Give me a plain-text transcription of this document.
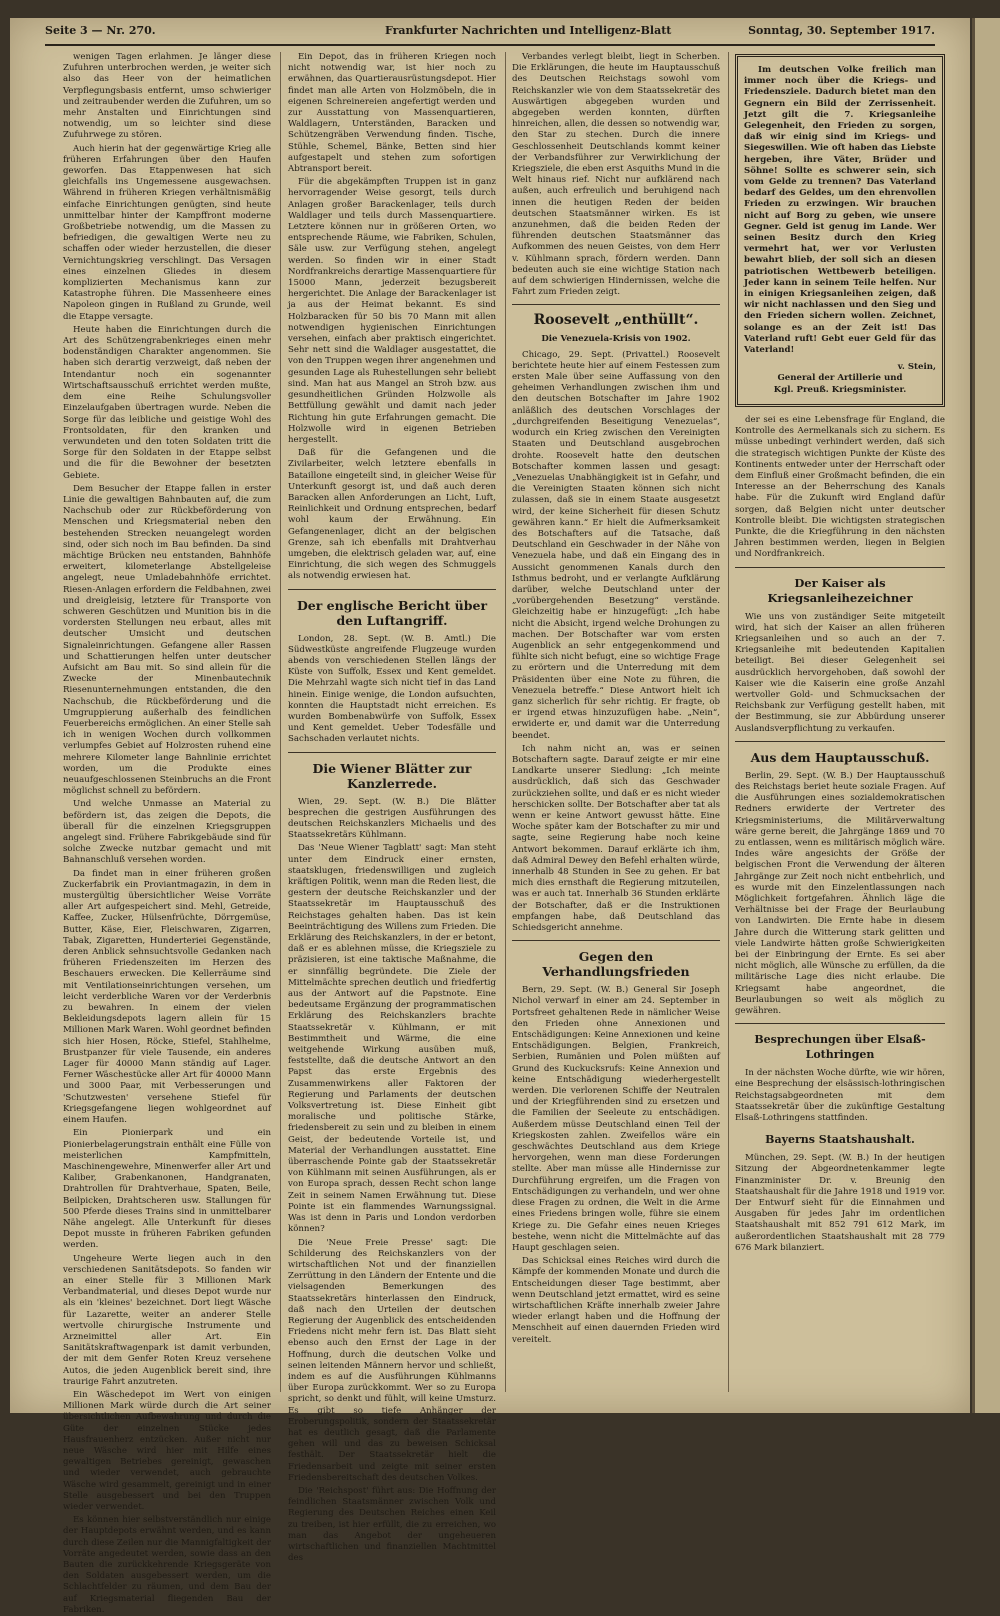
Seite 3 — Nr. 270.	Frankfurter Nachrichten und Intelligenz-Blatt	Sonntag, 30. September 1917.

wenigen Tagen erlahmen. Je länger diese Zufuhren unterbrochen werden, je weiter sich also das Heer von der heimatlichen Verpflegungsbasis entfernt, umso schwieriger und zeitraubender werden die Zufuhren, um so mehr Anstalten und Einrichtungen sind notwendig, um so leichter sind diese Zufuhrwege zu stören.

Auch hierin hat der gegenwärtige Krieg alle früheren Erfahrungen über den Haufen geworfen. Das Etappenwesen hat sich gleichfalls ins Ungemessene ausgewachsen. Während in früheren Kriegen verhältnismäßig einfache Einrichtungen genügten, sind heute unmittelbar hinter der Kampffront moderne Großbetriebe notwendig, um die Massen zu befriedigen, die gewaltigen Werte neu zu schaffen oder wieder herzustellen, die dieser Vernichtungskrieg verschlingt. Das Versagen eines einzelnen Gliedes in diesem komplizierten Mechanismus kann zur Katastrophe führen. Die Massenheere eines Napoleon gingen in Rußland zu Grunde, weil die Etappe versagte.

Heute haben die Einrichtungen durch die Art des Schützengrabenkrieges einen mehr bodenständigen Charakter angenommen. Sie haben sich derartig verzweigt, daß neben der Intendantur noch ein sogenannter Wirtschaftsausschuß errichtet werden mußte, dem eine Reihe Schulungsvoller Einzelaufgaben übertragen wurde. Neben die Sorge für das leibliche und geistige Wohl des Frontsoldaten, für den kranken und verwundeten und den toten Soldaten tritt die Sorge für den Soldaten in der Etappe selbst und die für die Bewohner der besetzten Gebiete.

Dem Besucher der Etappe fallen in erster Linie die gewaltigen Bahnbauten auf, die zum Nachschub oder zur Rückbeförderung von Menschen und Kriegsmaterial neben den bestehenden Strecken neuangelegt worden sind, oder sich noch im Bau befinden. Da sind mächtige Brücken neu entstanden, Bahnhöfe erweitert, kilometerlange Abstellgeleise angelegt, neue Umladebahnhöfe errichtet. Riesen-Anlagen erfordern die Feldbahnen, zwei und dreigleisig, letztere für Transporte von schweren Geschützen und Munition bis in die vordersten Stellungen neu erbaut, alles mit deutscher Umsicht und deutschen Signaleinrichtungen. Gefangene aller Rassen und Schattierungen helfen unter deutscher Aufsicht am Bau mit. So sind allein für die Zwecke der Minenbautechnik Riesenunternehmungen entstanden, die den Nachschub, die Rückbeförderung und die Umgruppierung außerhalb des feindlichen Feuerbereichs ermöglichen. An einer Stelle sah ich in wenigen Wochen durch vollkommen verlumpfes Gebiet auf Holzrosten ruhend eine mehrere Kilometer lange Bahnlinie errichtet worden, um die Produkte eines neuaufgeschlossenen Steinbruchs an die Front möglichst schnell zu befördern.

Und welche Unmasse an Material zu befördern ist, das zeigen die Depots, die überall für die einzelnen Kriegsgruppen angelegt sind. Frühere Fabrikgebäude sind für solche Zwecke nutzbar gemacht und mit Bahnanschluß versehen worden.

Da findet man in einer früheren großen Zuckerfabrik ein Proviantmagazin, in dem in mustergültig übersichtlicher Weise Vorräte aller Art aufgespeichert sind. Mehl, Getreide, Kaffee, Zucker, Hülsenfrüchte, Dörrgemüse, Butter, Käse, Eier, Fleischwaren, Zigarren, Tabak, Zigaretten, Hunderteriei Gegenstände, deren Anblick sehnsuchtsvolle Gedanken nach früheren Friedenszeiten im Herzen des Beschauers erwecken. Die Kellerräume sind mit Ventilationseinrichtungen versehen, um leicht verderbliche Waren vor der Verderbnis zu bewahren. In einem der vielen Bekleidungsdepots lagern allein für 15 Millionen Mark Waren. Wohl geordnet befinden sich hier Hosen, Röcke, Stiefel, Stahlhelme, Brustpanzer für viele Tausende, ein anderes Lager für 40000 Mann ständig auf Lager. Ferner Wäschestücke aller Art für 40000 Mann und 3000 Paar, mit Verbesserungen und 'Schutzwesten' versehene Stiefel für Kriegsgefangene liegen wohlgeordnet auf einem Haufen.

Ein Pionierpark und ein Pionierbelagerungstrain enthält eine Fülle von meisterlichen Kampfmitteln, Maschinengewehre, Minenwerfer aller Art und Kaliber, Grabenkanonen, Handgranaten, Drahtrollen für Drahtverhaue, Spaten, Beile, Beilpicken, Drahtscheren usw. Stallungen für 500 Pferde dieses Trains sind in unmittelbarer Nähe angelegt. Alle Unterkunft für dieses Depot musste in früheren Fabriken gefunden werden.

Ungeheure Werte liegen auch in den verschiedenen Sanitätsdepots. So fanden wir an einer Stelle für 3 Millionen Mark Verbandmaterial, und dieses Depot wurde nur als ein 'kleines' bezeichnet. Dort liegt Wäsche für Lazarette, weiter an anderer Stelle wertvolle chirurgische Instrumente und Arzneimittel aller Art. Ein Sanitätskraftwagenpark ist damit verbunden, der mit dem Genfer Roten Kreuz versehene Autos, die jeden Augenblick bereit sind, ihre traurige Fahrt anzutreten.

Ein Wäschedepot im Wert von einigen Millionen Mark würde durch die Art seiner übersichtlichen Aufbewahrung und durch die Güte der einzelnen Stücke jedes Hausfrauenherz entzücken. Außer nicht nur neue Wäsche wird hier mit Hilfe eines gewaltigen Betriebes gereinigt, gewaschen und wieder verwendet, auch gebrauchte Wäsche wird gesammelt, gereinigt und in einer Stelle ausgebessert und bei den Truppen wieder verwendet.

Es können hier selbstverständlich nur einige der Hauptdepots erwähnt werden, und es kann durch diese Zeilen nur die Mannigfaltigkeit der Vorräte angedeutet werden, sowie dass an den Bauten die zurückkehrende Kriegsgeräte von den Soldaten ausgebessert werden, um die Schlachtfelder zu räumen, und dem Bau der auf Kriegsmaterial fliegenden Bau der Fabriken.

Ein Depot, das in früheren Kriegen noch nicht notwendig war, ist hier noch zu erwähnen, das Quartierausrüstungsdepot. Hier findet man alle Arten von Holzmöbeln, die in eigenen Schreinereien angefertigt werden und zur Ausstattung von Massenquartieren, Waldlagern, Unterständen, Baracken und Schützengräben Verwendung finden. Tische, Stühle, Schemel, Bänke, Betten sind hier aufgestapelt und stehen zum sofortigen Abtransport bereit.

Für die abgekämpften Truppen ist in ganz hervorragender Weise gesorgt, teils durch Anlagen großer Barackenlager, teils durch Waldlager und teils durch Massenquartiere. Letztere können nur in größeren Orten, wo entsprechende Räume, wie Fabriken, Schulen, Säle usw. zur Verfügung stehen, angelegt werden. So finden wir in einer Stadt Nordfrankreichs derartige Massenquartiere für 15000 Mann, jederzeit bezugsbereit hergerichtet. Die Anlage der Barackenlager ist ja aus der Heimat bekannt. Es sind Holzbaracken für 50 bis 70 Mann mit allen notwendigen hygienischen Einrichtungen versehen, einfach aber praktisch eingerichtet. Sehr nett sind die Waldlager ausgestattet, die von den Truppen wegen ihrer angenehmen und gesunden Lage als Ruhestellungen sehr beliebt sind. Man hat aus Mangel an Stroh bzw. aus gesundheitlichen Gründen Holzwolle als Bettfüllung gewählt und damit nach jeder Richtung hin gute Erfahrungen gemacht. Die Holzwolle wird in eigenen Betrieben hergestellt.

Daß für die Gefangenen und die Zivilarbeiter, welch letztere ebenfalls in Bataillone eingeteilt sind, in gleicher Weise für Unterkunft gesorgt ist, und daß auch deren Baracken allen Anforderungen an Licht, Luft, Reinlichkeit und Ordnung entsprechen, bedarf wohl kaum der Erwähnung. Ein Gefangenenlager, dicht an der belgischen Grenze, sah ich ebenfalls mit Drahtverhau umgeben, die elektrisch geladen war, auf, eine Einrichtung, die sich wegen des Schmuggels als notwendig erwiesen hat.

Der englische Bericht über den Luftangriff.

London, 28. Sept. (W. B. Amtl.) Die Südwestküste angreifende Flugzeuge wurden abends von verschiedenen Stellen längs der Küste von Suffolk, Essex und Kent gemeldet. Die Mehrzahl wagte sich nicht tief in das Land hinein. Einige wenige, die London aufsuchten, konnten die Hauptstadt nicht erreichen. Es wurden Bombenabwürfe von Suffolk, Essex und Kent gemeldet. Ueber Todesfälle und Sachschaden verlautet nichts.

Die Wiener Blätter zur Kanzlerrede.

Wien, 29. Sept. (W. B.) Die Blätter besprechen die gestrigen Ausführungen des deutschen Reichskanzlers Michaelis und des Staatssekretärs Kühlmann.

Das 'Neue Wiener Tagblatt' sagt: Man steht unter dem Eindruck einer ernsten, staatsklugen, friedenswilligen und zugleich kräftigen Politik, wenn man die Reden liest, die gestern der deutsche Reichskanzler und der Staatssekretär im Hauptausschuß des Reichstages gehalten haben. Das ist kein Beeinträchtigung des Willens zum Frieden. Die Erklärung des Reichskanzlers, in der er betont, daß er es ablehnen müsse, die Kriegsziele zu präzisieren, ist eine taktische Maßnahme, die er sinnfällig begründete. Die Ziele der Mittelmächte sprechen deutlich und friedfertig aus der Antwort auf die Papstnote. Eine bedeutsame Ergänzung der programmatischen Erklärung des Reichskanzlers brachte Staatssekretär v. Kühlmann, er mit Bestimmtheit und Wärme, die eine weitgehende Wirkung ausüben muß, feststellte, daß die deutsche Antwort an den Papst das erste Ergebnis des Zusammenwirkens aller Faktoren der Regierung und Parlaments der deutschen Volksvertretung ist. Diese Einheit gibt moralische und politische Stärke, friedensbereit zu sein und zu bleiben in einem Geist, der bedeutende Vorteile ist, und Material der Verhandlungen ausstattet. Eine überraschende Pointe gab der Staatssekretär von Kühlmann mit seinen Ausführungen, als er von Europa sprach, dessen Recht schon lange Zeit in seinem Namen Erwähnung tut. Diese Pointe ist ein flammendes Warnungssignal. Was ist denn in Paris und London verdorben können?

Die 'Neue Freie Presse' sagt: Die Schilderung des Reichskanzlers von der wirtschaftlichen Not und der finanziellen Zerrüttung in den Ländern der Entente und die vielsagenden Bemerkungen des Staatssekretärs hinterlassen den Eindruck, daß nach den Urteilen der deutschen Regierung der Augenblick des entscheidenden Friedens nicht mehr fern ist. Das Blatt sieht ebenso auch den Ernst der Lage in der Hoffnung, durch die deutschen Volke und seinen leitenden Männern hervor und schließt, indem es auf die Ausführungen Kühlmanns über Europa zurückkommt. Wer so zu Europa spricht, so denkt und fühlt, will keine Umsturz. Es gibt so tiefe Anhänger der Eroberungspolitik, sondern der Staatssekretär hat es deutlich gesagt, daß die Parlamente gehen will und das zu beweisen Schicksal festhält. Der Staatssekretär hielt die Friedensarbeit und zeigte mit seiner ersten Friedensbereitschaft des deutschen Volkes.

Die 'Reichspost' führt aus: Die Hoffnung der feindlichen Staatsmänner zwischen Volk und Regierung des Deutschen Reiches einen Keil zu treiben, ist hier erfüllt, die zu erreichen, wo man das Angebot der ungeheueren wirtschaftlichen und finanziellen Machtmittel des

Verbandes verlegt bleibt, liegt in Scherben. Die Erklärungen, die heute im Hauptausschuß des Deutschen Reichstags sowohl vom Reichskanzler wie von dem Staatssekretär des Auswärtigen abgegeben wurden und abgegeben werden konnten, dürften hinreichen, allen, die dessen so notwendig war, den Star zu stechen. Durch die innere Geschlossenheit Deutschlands kommt keiner der Verbandsführer zur Verwirklichung der Kriegsziele, die eben erst Asquiths Mund in die Welt hinaus rief. Nicht nur aufklärend nach außen, auch erfreulich und beruhigend nach innen die heutigen Reden der beiden deutschen Staatsmänner wirken. Es ist anzunehmen, daß die beiden Reden der führenden deutschen Staatsmänner das Aufkommen des neuen Geistes, von dem Herr v. Kühlmann sprach, fördern werden. Dann bedeuten auch sie eine wichtige Station nach auf dem schwierigen Hindernissen, welche die Fahrt zum Frieden zeigt.

Roosevelt „enthüllt“.
Die Venezuela-Krisis von 1902.

Chicago, 29. Sept. (Privattel.) Roosevelt berichtete heute hier auf einem Festessen zum ersten Male über seine Auffassung von den geheimen Verhandlungen zwischen ihm und den deutschen Botschafter im Jahre 1902 anläßlich des deutschen Vorschlages der „durchgreifenden Beseitigung Venezuelas“, wodurch ein Krieg zwischen den Vereinigten Staaten und Deutschland ausgebrochen drohte. Roosevelt hatte den deutschen Botschafter kommen lassen und gesagt: „Venezuelas Unabhängigkeit ist in Gefahr, und die Vereinigten Staaten können sich nicht zulassen, daß sie in einem Staate ausgesetzt wird, der keine Sicherheit für diesen Schutz gewähren kann.“ Er hielt die Aufmerksamkeit des Botschafters auf die Tatsache, daß Deutschland ein Geschwader in der Nähe von Venezuela habe, und daß ein Eingang des in Aussicht genommenen Kanals durch den Isthmus bedroht, und er verlangte Aufklärung darüber, welche Deutschland unter der „vorübergehenden Besetzung“ verstände. Gleichzeitig habe er hinzugefügt: „Ich habe nicht die Absicht, irgend welche Drohungen zu machen. Der Botschafter war vom ersten Augenblick an sehr entgegenkommend und fühlte sich nicht befugt, eine so wichtige Frage zu erörtern und die Unterredung mit dem Präsidenten über eine Note zu führen, die Venezuela betreffe.“ Diese Antwort hielt ich ganz sicherlich für sehr richtig. Er fragte, ob er irgend etwas hinzuzufügen habe. „Nein“, erwiderte er, und damit war die Unterredung beendet.

Ich nahm nicht an, was er seinen Botschaftern sagte. Darauf zeigte er mir eine Landkarte unserer Siedlung: „Ich meinte ausdrücklich, daß sich das Geschwader zurückziehen sollte, und daß er es nicht wieder herschicken sollte. Der Botschafter aber tat als wenn er keine Antwort gewusst hätte. Eine Woche später kam der Botschafter zu mir und sagte, seine Regierung habe noch keine Antwort bekommen. Darauf erklärte ich ihm, daß Admiral Dewey den Befehl erhalten würde, innerhalb 48 Stunden in See zu gehen. Er bat mich dies ernsthaft die Regierung mitzuteilen, was er auch tat. Innerhalb 36 Stunden erklärte der Botschafter, daß er die Instruktionen empfangen habe, daß Deutschland das Schiedsgericht annehme.

Gegen den Verhandlungsfrieden

Bern, 29. Sept. (W. B.) General Sir Joseph Nichol verwarf in einer am 24. September in Portsfreet gehaltenen Rede in nämlicher Weise den Frieden ohne Annexionen und Entschädigungen: Keine Annexionen und keine Entschädigungen. Belgien, Frankreich, Serbien, Rumänien und Polen müßten auf Grund des Kuckucksrufs: Keine Annexion und keine Entschädigung wiederhergestellt werden. Die verlorenen Schiffe der Neutralen und der Kriegführenden sind zu ersetzen und die Familien der Seeleute zu entschädigen. Außerdem müsse Deutschland einen Teil der Kriegskosten zahlen. Zweifellos wäre ein geschwächtes Deutschland aus dem Kriege hervorgehen, wenn man diese Forderungen stellte. Aber man müsse alle Hindernisse zur Durchführung ergreifen, um die Fragen von Entschädigungen zu verhandeln, und wer ohne diese Fragen zu ordnen, die Welt in die Arme eines Friedens bringen wolle, führe sie einem Kriege zu. Die Gefahr eines neuen Krieges bestehe, wenn nicht die Mittelmächte auf das Haupt geschlagen seien.

Das Schicksal eines Reiches wird durch die Kämpfe der kommenden Monate und durch die Entscheidungen dieser Tage bestimmt, aber wenn Deutschland jetzt ermattet, wird es seine wirtschaftlichen Kräfte innerhalb zweier Jahre wieder erlangt haben und die Hoffnung der Menschheit auf einen dauernden Frieden wird vereitelt.

Im deutschen Volke freilich man immer noch über die Kriegs- und Friedensziele. Dadurch bietet man den Gegnern ein Bild der Zerrissenheit. Jetzt gilt die 7. Kriegsanleihe Gelegenheit, den Frieden zu sorgen, daß wir einig sind im Kriegs- und Siegeswillen. Wie oft haben das Liebste hergeben, ihre Väter, Brüder und Söhne! Sollte es schwerer sein, sich vom Gelde zu trennen? Das Vaterland bedarf des Geldes, um den ehrenvollen Frieden zu erzwingen. Wir brauchen nicht auf Borg zu geben, wie unsere Gegner. Geld ist genug im Lande. Wer seinen Besitz durch den Krieg vermehrt hat, wer vor Verlusten bewahrt blieb, der soll sich an diesen patriotischen Wettbewerb beteiligen. Jeder kann in seinem Teile helfen. Nur in einigen Kriegsanleihen zeigen, daß wir nicht nachlassen und den Sieg und den Frieden sichern wollen. Zeichnet, solange es an der Zeit ist! Das Vaterland ruft! Gebt euer Geld für das Vaterland!

v. Stein,
General der Artillerie und
Kgl. Preuß. Kriegsminister.

der sei es eine Lebensfrage für England, die Kontrolle des Aermelkanals sich zu sichern. Es müsse unbedingt verhindert werden, daß sich die strategisch wichtigen Punkte der Küste des Kontinents entweder unter der Herrschaft oder dem Einfluß einer Großmacht befinden, die ein Interesse an der Beherrschung des Kanals habe. Für die Zukunft wird England dafür sorgen, daß Belgien nicht unter deutscher Kontrolle bleibt. Die wichtigsten strategischen Punkte, die die Kriegführung in den nächsten Jahren bestimmen werden, liegen in Belgien und Nordfrankreich.

Der Kaiser als Kriegsanleihezeichner

Wie uns von zuständiger Seite mitgeteilt wird, hat sich der Kaiser an allen früheren Kriegsanleihen und so auch an der 7. Kriegsanleihe mit bedeutenden Kapitalien beteiligt. Bei dieser Gelegenheit sei ausdrücklich hervorgehoben, daß sowohl der Kaiser wie die Kaiserin eine große Anzahl wertvoller Gold- und Schmucksachen der Reichsbank zur Verfügung gestellt haben, mit der Bestimmung, sie zur Abbürdung unserer Auslandsverpflichtung zu verkaufen.

Aus dem Hauptausschuß.

Berlin, 29. Sept. (W. B.) Der Hauptausschuß des Reichstags beriet heute soziale Fragen. Auf die Ausführungen eines sozialdemokratischen Redners erwiderte der Vertreter des Kriegsministeriums, die Militärverwaltung wäre gerne bereit, die Jahrgänge 1869 und 70 zu entlassen, wenn es militärisch möglich wäre. Indes wäre angesichts der Größe der belgischen Front die Verwendung der älteren Jahrgänge zur Zeit noch nicht entbehrlich, und es wurde mit den Einzelentlassungen nach Möglichkeit fortgefahren. Ähnlich läge die Verhältnisse bei der Frage der Beurlaubung von Landwirten. Die Ernte habe in diesem Jahre durch die Witterung stark gelitten und viele Landwirte hätten große Schwierigkeiten bei der Einbringung der Ernte. Es sei aber nicht möglich, alle Wünsche zu erfüllen, da die militärische Lage dies nicht erlaube. Die Kriegsamt habe angeordnet, die Beurlaubungen so weit als möglich zu gewähren.

Besprechungen über Elsaß-Lothringen

In der nächsten Woche dürfte, wie wir hören, eine Besprechung der elsässisch-lothringischen Reichstagsabgeordneten mit dem Staatssekretär über die zukünftige Gestaltung Elsaß-Lothringens stattfinden.

Bayerns Staatshaushalt.

München, 29. Sept. (W. B.) In der heutigen Sitzung der Abgeordnetenkammer legte Finanzminister Dr. v. Breunig den Staatshaushalt für die Jahre 1918 und 1919 vor. Der Entwurf sieht für die Einnahmen und Ausgaben für jedes Jahr im ordentlichen Staatshaushalt mit 852 791 612 Mark, im außerordentlichen Staatshaushalt mit 28 779 676 Mark bilanziert.
